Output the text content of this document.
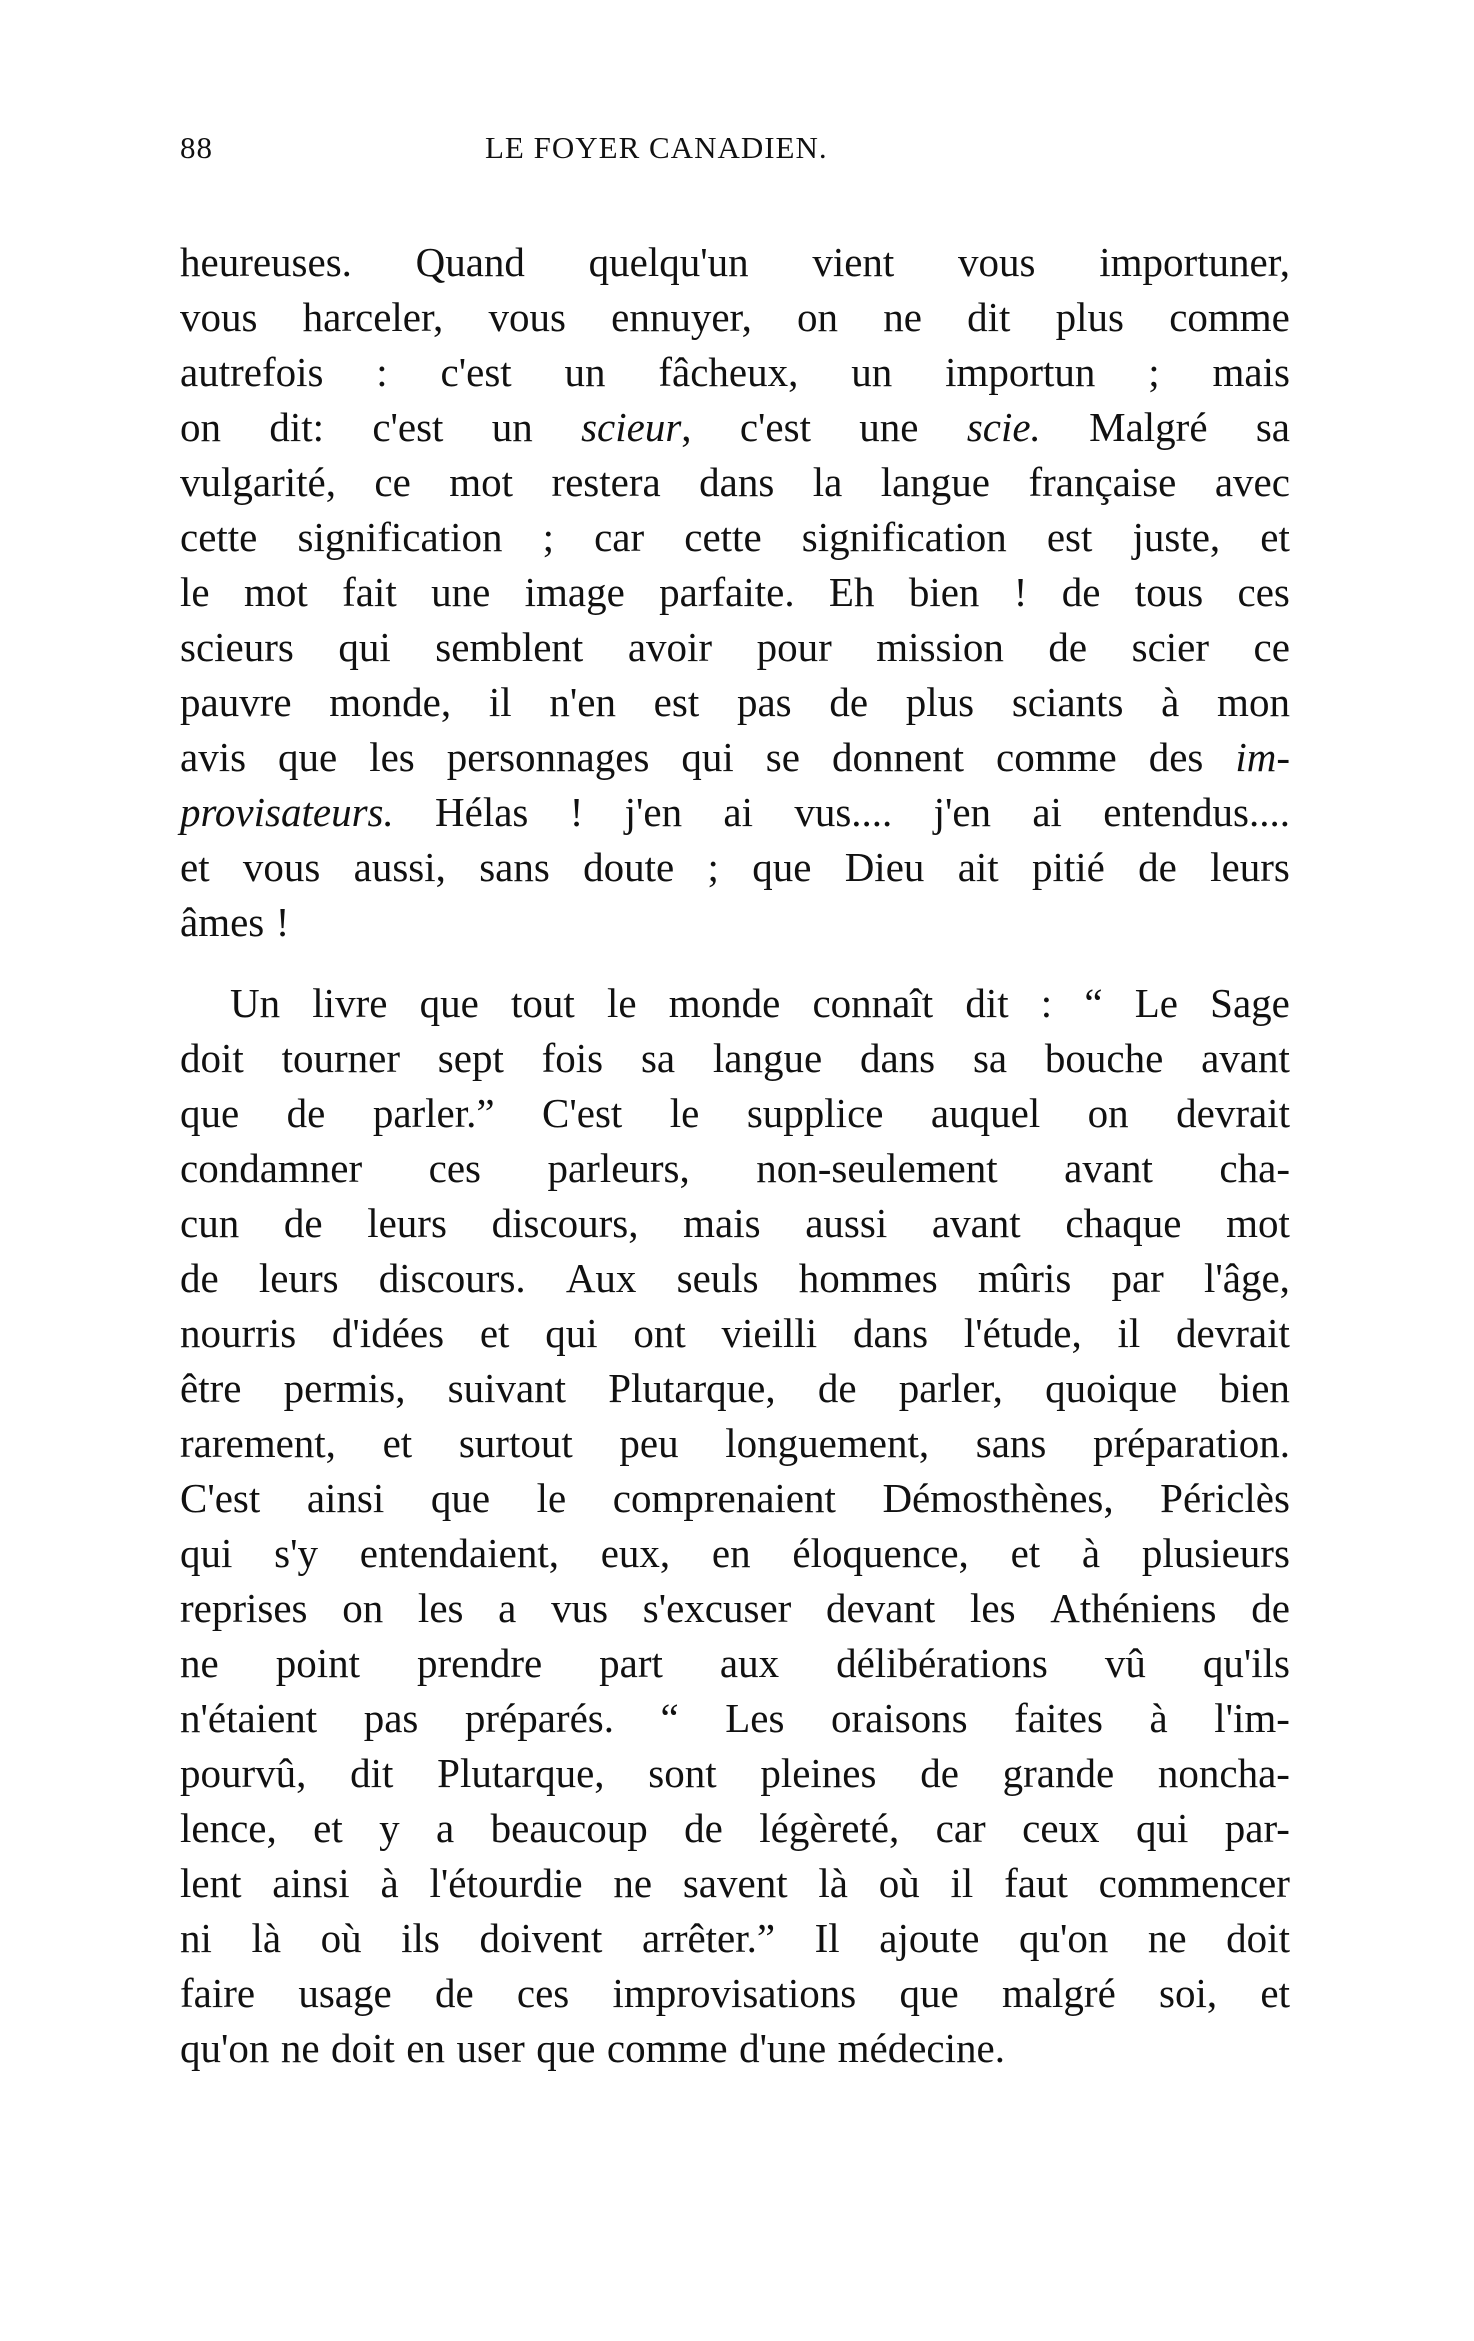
88	LE FOYER CANADIEN.
heureuses. Quand quelqu'un vient vous importuner,
vous harceler, vous ennuyer, on ne dit plus comme
autrefois : c'est un fâcheux, un importun ; mais
on dit: c'est un scieur, c'est une scie. Malgré sa
vulgarité, ce mot restera dans la langue française avec
cette signification ; car cette signification est juste, et
le mot fait une image parfaite. Eh bien ! de tous ces
scieurs qui semblent avoir pour mission de scier ce
pauvre monde, il n'en est pas de plus sciants à mon
avis que les personnages qui se donnent comme des im-
provisateurs. Hélas ! j'en ai vus.... j'en ai entendus....
et vous aussi, sans doute ; que Dieu ait pitié de leurs
âmes !
Un livre que tout le monde connaît dit : “ Le Sage
doit tourner sept fois sa langue dans sa bouche avant
que de parler.” C'est le supplice auquel on devrait
condamner ces parleurs, non-seulement avant cha-
cun de leurs discours, mais aussi avant chaque mot
de leurs discours. Aux seuls hommes mûris par l'âge,
nourris d'idées et qui ont vieilli dans l'étude, il devrait
être permis, suivant Plutarque, de parler, quoique bien
rarement, et surtout peu longuement, sans préparation.
C'est ainsi que le comprenaient Démosthènes, Périclès
qui s'y entendaient, eux, en éloquence, et à plusieurs
reprises on les a vus s'excuser devant les Athéniens de
ne point prendre part aux délibérations vû qu'ils
n'étaient pas préparés. “ Les oraisons faites à l'im-
pourvû, dit Plutarque, sont pleines de grande noncha-
lence, et y a beaucoup de légèreté, car ceux qui par-
lent ainsi à l'étourdie ne savent là où il faut commencer
ni là où ils doivent arrêter.” Il ajoute qu'on ne doit
faire usage de ces improvisations que malgré soi, et
qu'on ne doit en user que comme d'une médecine.
